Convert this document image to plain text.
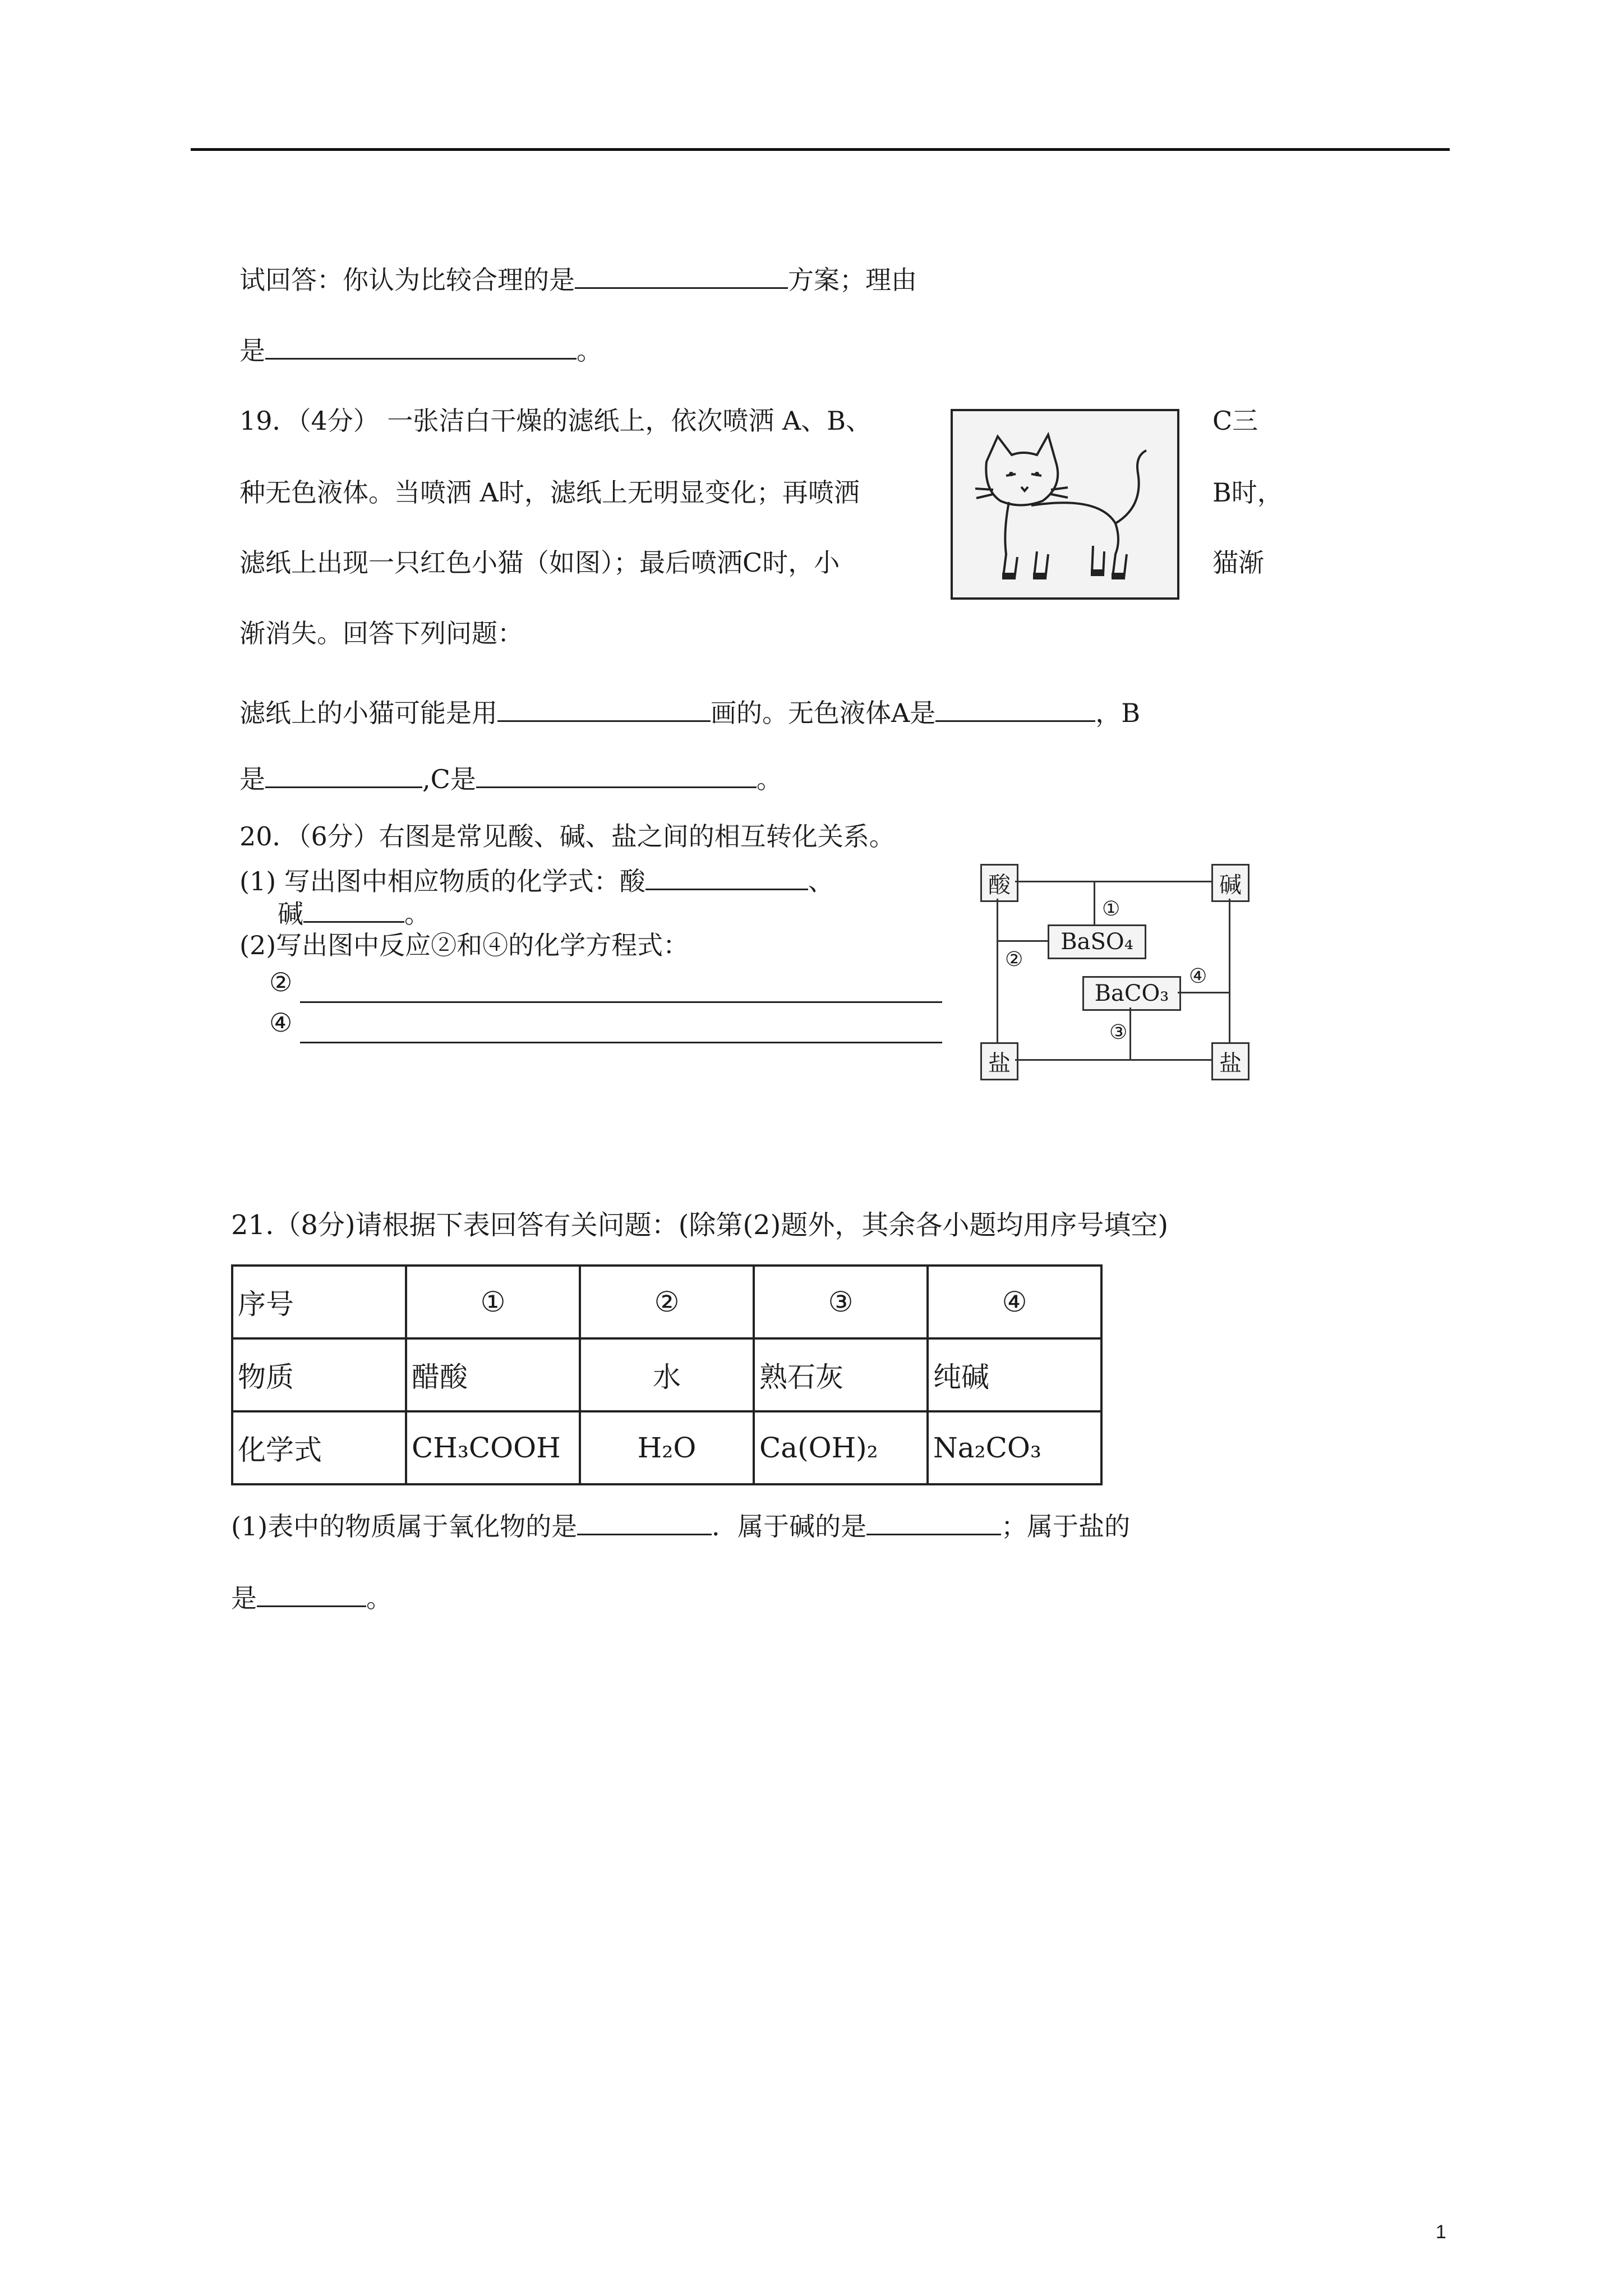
试回答：你认为比较合理的是	方案；理由
是	。
19．（4分） 一张洁白干燥的滤纸上，依次喷洒 A、B、
种无色液体。当喷洒 A时，滤纸上无明显变化；再喷洒
滤纸上出现一只红色小猫（如图）；最后喷洒C时，小
渐消失。回答下列问题：
C三
B时，
猫渐
滤纸上的小猫可能是用	画的。无色液体A是	，B
是	,C是	。
20．（6分）右图是常见酸、碱、盐之间的相互转化关系。
(1) 写出图中相应物质的化学式：酸	、
碱	。
(2)写出图中反应②和④的化学方程式：
②
④
酸	碱
盐	盐
BaSO₄
BaCO₃
①
②
③
④
21.（8分)请根据下表回答有关问题：(除第(2)题外，其余各小题均用序号填空)
序号	①	②	③	④
物质	醋酸	水	熟石灰	纯碱
化学式	CH₃COOH	H₂O	Ca(OH)₂	Na₂CO₃
(1)表中的物质属于氧化物的是	．属于碱的是	；属于盐的
是	。
1
